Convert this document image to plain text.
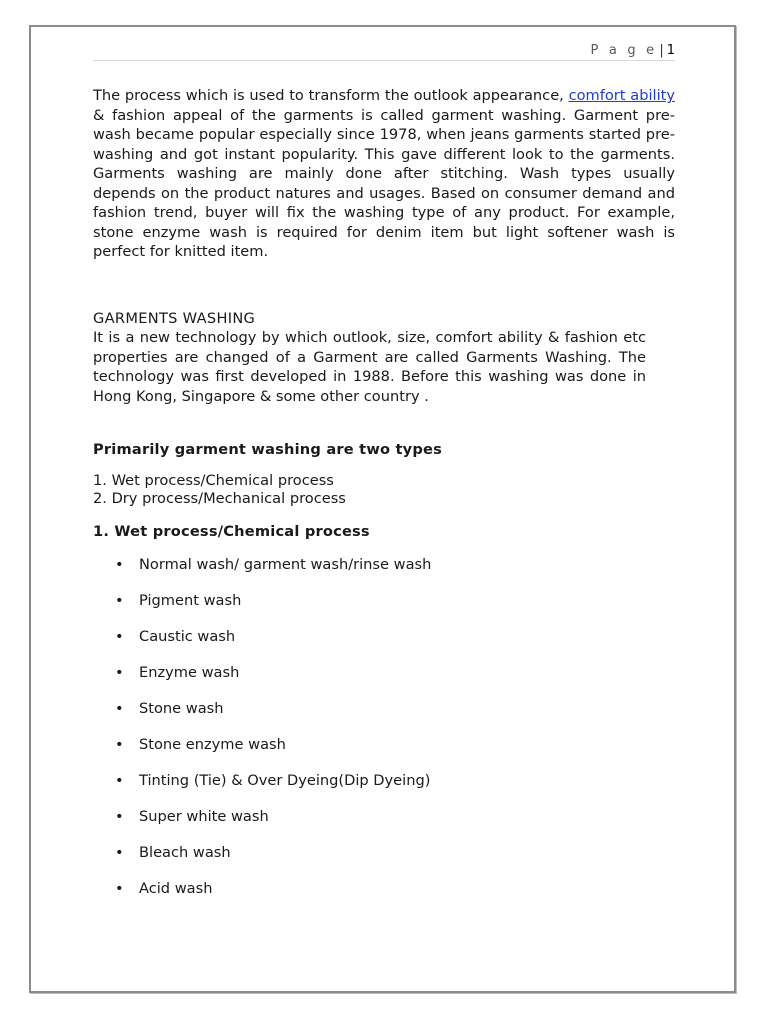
P a g e | 1

The process which is used to transform the outlook appearance, comfort ability & fashion appeal of the garments is called garment washing. Garment pre- wash became popular especially since 1978, when jeans garments started pre- washing and got instant popularity. This gave different look to the garments. Garments washing are mainly done after stitching. Wash types usually depends on the product natures and usages. Based on consumer demand and fashion trend, buyer will fix the washing type of any product. For example, stone enzyme wash is required for denim item but light softener wash is perfect for knitted item.

GARMENTS WASHING

It is a new technology by which outlook, size, comfort ability & fashion etc properties are changed of a Garment are called Garments Washing. The technology was first developed in 1988. Before this washing was done in Hong Kong, Singapore & some other country .

Primarily garment washing are two types
1. Wet process/Chemical process
2. Dry process/Mechanical process
1. Wet process/Chemical process
• Normal wash/ garment wash/rinse wash
• Pigment wash
• Caustic wash
• Enzyme wash
• Stone wash
• Stone enzyme wash
• Tinting (Tie) & Over Dyeing(Dip Dyeing)
• Super white wash
• Bleach wash
• Acid wash
